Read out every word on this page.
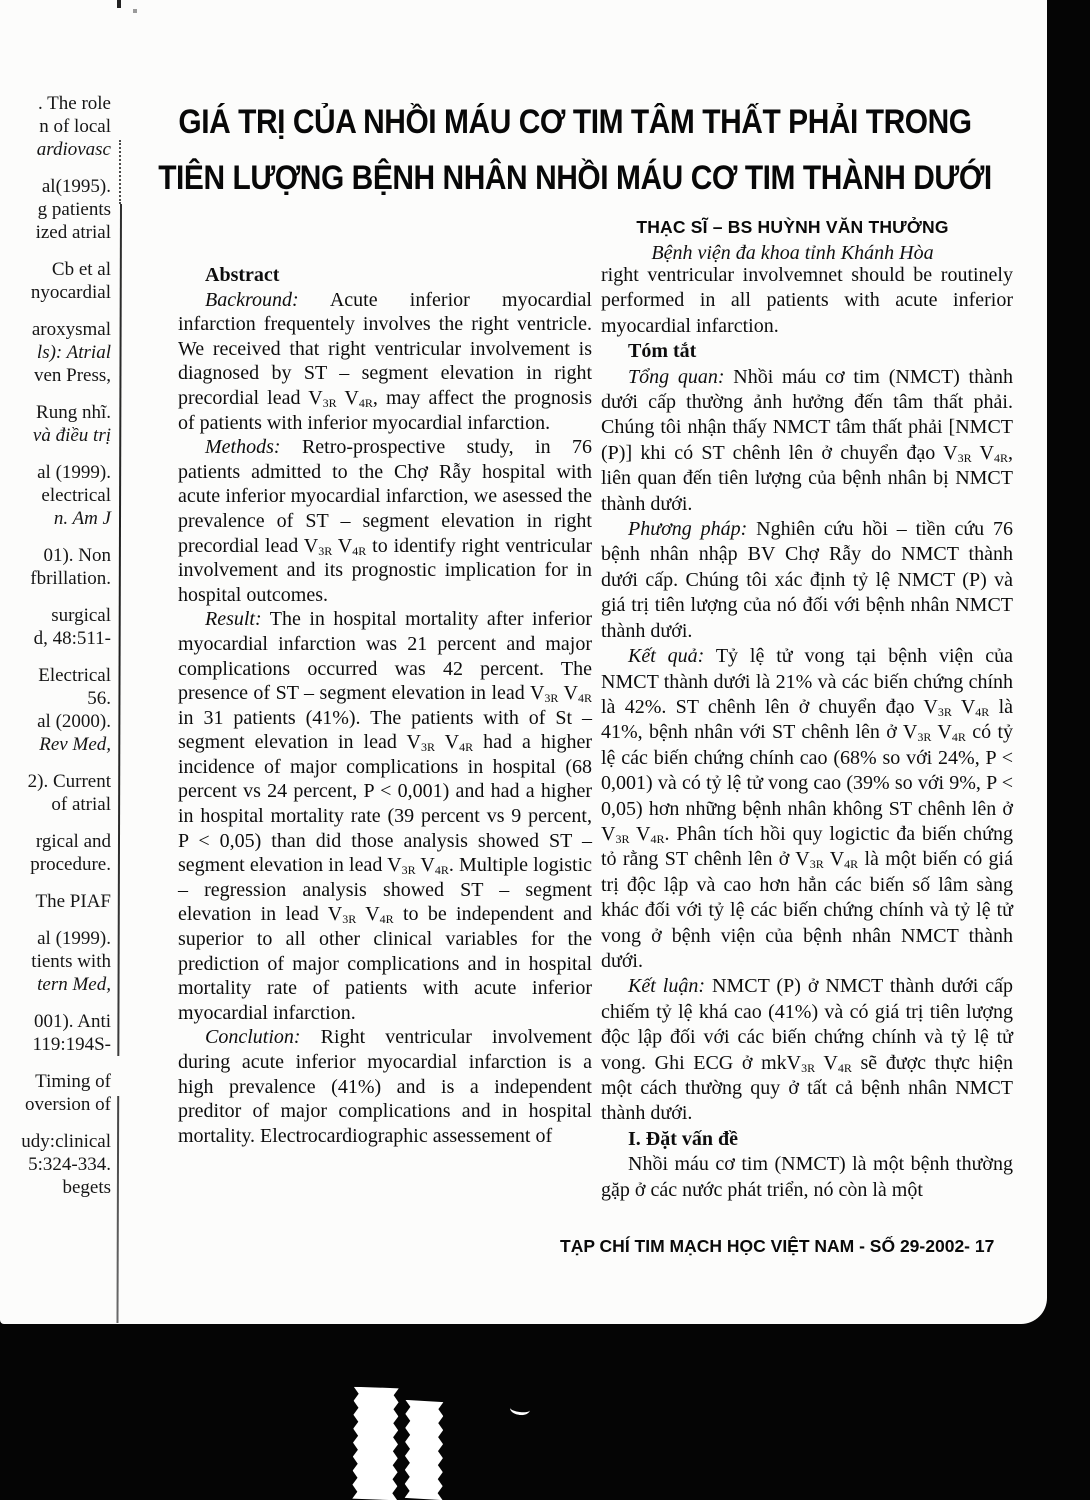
. The role
n of local
ardiovasc
al(1995).
g patients
ized atrial
Cb et al
nyocardial
aroxysmal
ls): Atrial
ven Press,
Rung nhĩ.
và điều trị
al (1999).
electrical
n. Am J
01). Non
fbrillation.
surgical
d, 48:511-
Electrical
56.
al (2000).
Rev Med,
2). Current
of atrial
rgical and
procedure.
The PIAF
al (1999).
tients with
tern Med,
001). Anti
119:194S-
Timing of
oversion of
udy:clinical
5:324-334.
begets
GIÁ TRỊ CỦA NHỒI MÁU CƠ TIM TÂM THẤT PHẢI TRONG
TIÊN LƯỢNG BỆNH NHÂN NHỒI MÁU CƠ TIM THÀNH DƯỚI
THẠC SĨ – BS HUỲNH VĂN THƯỞNG
Bệnh viện đa khoa tỉnh Khánh Hòa
Abstract

Backround: Acute inferior myocardial infarction frequentely involves the right ventricle. We received that right ventricular involvement is diagnosed by ST – segment elevation in right precordial lead $V_{3R}$ $V_{4R}$, may affect the prognosis of patients with inferior myocardial infarction.

Methods: Retro-prospective study, in 76 patients admitted to the Chợ Rẫy hospital with acute inferior myocardial infarction, we asessed the prevalence of ST – segment elevation in right precordial lead $V_{3R}$ $V_{4R}$ to identify right ventricular involvement and its prognostic implication for in hospital outcomes.

Result: The in hospital mortality after inferior myocardial infarction was 21 percent and major complications occurred was 42 percent. The presence of ST – segment elevation in lead $V_{3R}$ $V_{4R}$ in 31 patients (41%). The patients with of St – segment elevation in lead $V_{3R}$ $V_{4R}$ had a higher incidence of major complications in hospital (68 percent vs 24 percent, P < 0,001) and had a higher in hospital mortality rate (39 percent vs 9 percent, P < 0,05) than did those analysis showed ST – segment elevation in lead $V_{3R}$ $V_{4R}$. Multiple logistic – regression analysis showed ST – segment elevation in lead $V_{3R}$ $V_{4R}$ to be independent and superior to all other clinical variables for the prediction of major complications and in hospital mortality rate of patients with acute inferior myocardial infarction.

Conclution: Right ventricular involvement during acute inferior myocardial infarction is a high prevalence (41%) and is a independent preditor of major complications and in hospital mortality. Electrocardiographic assessement of

right ventricular involvemnet should be routinely performed in all patients with acute inferior myocardial infarction.

Tóm tắt

Tổng quan: Nhồi máu cơ tim (NMCT) thành dưới cấp thường ảnh hưởng đến tâm thất phải. Chúng tôi nhận thấy NMCT tâm thất phải [NMCT (P)] khi có ST chênh lên ở chuyển đạo $V_{3R}$ $V_{4R}$, liên quan đến tiên lượng của bệnh nhân bị NMCT thành dưới.

Phương pháp: Nghiên cứu hồi – tiền cứu 76 bệnh nhân nhập BV Chợ Rẫy do NMCT thành dưới cấp. Chúng tôi xác định tỷ lệ NMCT (P) và giá trị tiên lượng của nó đối với bệnh nhân NMCT thành dưới.

Kết quả: Tỷ lệ tử vong tại bệnh viện của NMCT thành dưới là 21% và các biến chứng chính là 42%. ST chênh lên ở chuyển đạo $V_{3R}$ $V_{4R}$ là 41%, bệnh nhân với ST chênh lên ở $V_{3R}$ $V_{4R}$ có tỷ lệ các biến chứng chính cao (68% so với 24%, P < 0,001) và có tỷ lệ tử vong cao (39% so với 9%, P < 0,05) hơn những bệnh nhân không ST chênh lên ở $V_{3R}$ $V_{4R}$. Phân tích hồi quy logictic đa biến chứng tỏ rằng ST chênh lên ở $V_{3R}$ $V_{4R}$ là một biến có giá trị độc lập và cao hơn hẳn các biến số lâm sàng khác đối với tỷ lệ các biến chứng chính và tỷ lệ tử vong ở bệnh viện của bệnh nhân NMCT thành dưới.

Kết luận: NMCT (P) ở NMCT thành dưới cấp chiếm tỷ lệ khá cao (41%) và có giá trị tiên lượng độc lập đối với các biến chứng chính và tỷ lệ tử vong. Ghi ECG ở mkV$_{3R}$ $V_{4R}$ sẽ được thực hiện một cách thường quy ở tất cả bệnh nhân NMCT thành dưới.

I. Đặt vấn đề

Nhồi máu cơ tim (NMCT) là một bệnh thường gặp ở các nước phát triển, nó còn là một

TẠP CHÍ TIM MẠCH HỌC VIỆT NAM - SỐ 29-2002- 17
